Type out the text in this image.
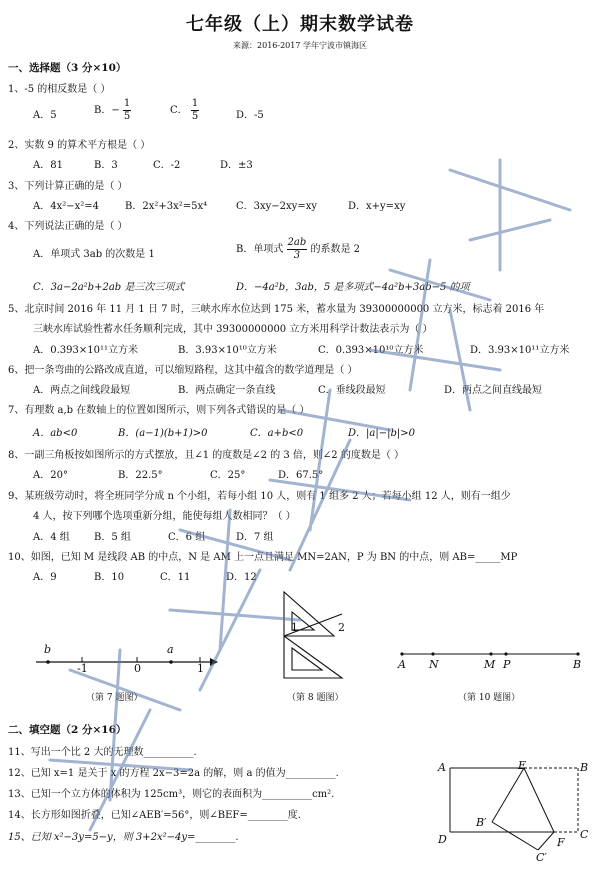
七年级（上）期末数学试卷
来源：2016-2017 学年宁波市镇海区
一、选择题（3 分×10）
1、-5 的相反数是（ ）
A．5	B．− $\frac{1}{5}$	C． $\frac{1}{5}$	D．-5
2、实数 9 的算术平方根是（ ）
A．81	B．3	C．-2	D．±3
3、下列计算正确的是（ ）
A．4x²−x²=4	B．2x²+3x²=5x⁴	C．3xy−2xy=xy	D．x+y=xy
4、下列说法正确的是（ ）
A．单项式 3ab 的次数是 1	B．单项式 $\frac{2ab}{3}$ 的系数是 2
C．3a−2a²b+2ab 是三次三项式	D．−4a²b，3ab，5 是多项式−4a²b+3ab−5 的项
5、北京时间 2016 年 11 月 1 日 7 时，三峡水库水位达到 175 米，蓄水量为 39300000000 立方米，标志着 2016 年
三峡水库试验性蓄水任务顺利完成，其中 39300000000 立方米用科学计数法表示为（ ）
A．0.393×10¹¹立方米	B．3.93×10¹⁰立方米	C．0.393×10¹⁰立方米	D．3.93×10¹¹立方米
6、把一条弯曲的公路改成直道，可以缩短路程，这其中蕴含的数学道理是（ ）
A．两点之间线段最短	B．两点确定一条直线	C．垂线段最短	D．两点之间直线最短
7、有理数 a,b 在数轴上的位置如图所示，则下列各式错误的是（ ）
A．ab<0	B．(a−1)(b+1)>0	C．a+b<0	D．|a|−|b|>0
8、一副三角板按如图所示的方式摆放，且∠1 的度数是∠2 的 3 倍，则∠2 的度数是（ ）
A．20°	B．22.5°	C．25°	D．67.5°
9、某班级劳动时，将全班同学分成 n 个小组，若每小组 10 人，则有 1 组多 2 人；若每小组 12 人，则有一组少
4 人，按下列哪个选项重新分组，能使每组人数相同？（ ）
A．4 组 B．5 组	C．6 组	D．7 组
10、如图，已知 M 是线段 AB 的中点，N 是 AM 上一点且满足 MN=2AN，P 为 BN 的中点，则 AB=_____MP
A．9	B．10	C．11	D．12
b	a
-1	0	1
（第 7 题图）
1	2
（第 8 题图）
A N	M P	B
（第 10 题图）
二、填空题（2 分×16）
11、写出一个比 2 大的无理数__________.
12、已知 x=1 是关于 x 的方程 2x−3=2a 的解，则 a 的值为__________.
13、已知一个立方体的体积为 125cm³，则它的表面积为__________cm².
14、长方形如图折叠，已知∠AEB′=56°，则∠BEF=________度.
15、已知 x²−3y=5−y，则 3+2x²−4y=________.
A	E	B
B′
D	F
C
C′
